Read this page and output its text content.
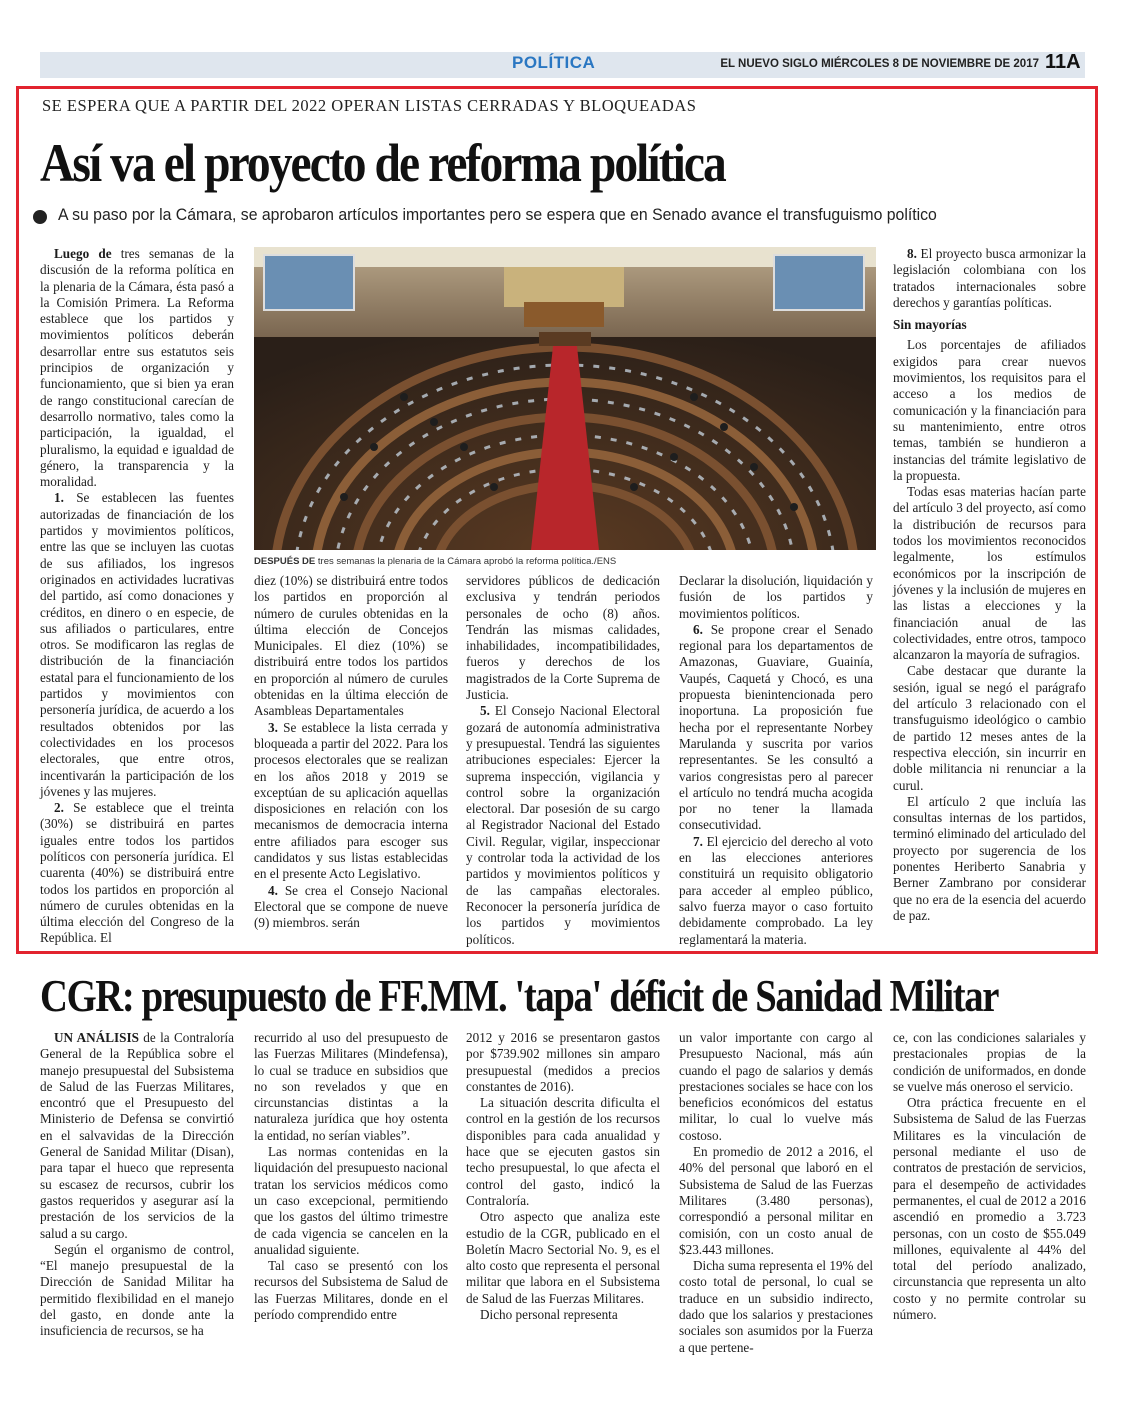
POLÍTICA	EL NUEVO SIGLO MIÉRCOLES 8 DE NOVIEMBRE DE 2017 11A
SE ESPERA QUE A PARTIR DEL 2022 OPERAN LISTAS CERRADAS Y BLOQUEADAS
Así va el proyecto de reforma política
A su paso por la Cámara, se aprobaron artículos importantes pero se espera que en Senado avance el transfuguismo político

Luego de tres semanas de la discusión de la reforma política en la plenaria de la Cámara, ésta pasó a la Comisión Primera. La Reforma establece que los partidos y movimientos políticos deberán desarrollar entre sus estatutos seis principios de organización y funcionamiento, que si bien ya eran de rango constitucional carecían de desarrollo normativo, tales como la participación, la igualdad, el pluralismo, la equidad e igualdad de género, la transparencia y la moralidad.

1. Se establecen las fuentes autorizadas de financiación de los partidos y movimientos políticos, entre las que se incluyen las cuotas de sus afiliados, los ingresos originados en actividades lucrativas del partido, así como donaciones y créditos, en dinero o en especie, de sus afiliados o particulares, entre otros. Se modificaron las reglas de distribución de la financiación estatal para el funcionamiento de los partidos y movimientos con personería jurídica, de acuerdo a los resultados obtenidos por las colectividades en los procesos electorales, que entre otros, incentivarán la participación de los jóvenes y las mujeres.

2. Se establece que el treinta (30%) se distribuirá en partes iguales entre todos los partidos políticos con personería jurídica. El cuarenta (40%) se distribuirá entre todos los partidos en proporción al número de curules obtenidas en la última elección del Congreso de la República. El

DESPUÉS DE tres semanas la plenaria de la Cámara aprobó la reforma política./ENS

diez (10%) se distribuirá entre todos los partidos en proporción al número de curules obtenidas en la última elección de Concejos Municipales. El diez (10%) se distribuirá entre todos los partidos en proporción al número de curules obtenidas en la última elección de Asambleas Departamentales

3. Se establece la lista cerrada y bloqueada a partir del 2022. Para los procesos electorales que se realizan en los años 2018 y 2019 se exceptúan de su aplicación aquellas disposiciones en relación con los mecanismos de democracia interna entre afiliados para escoger sus candidatos y sus listas establecidas en el presente Acto Legislativo.

4. Se crea el Consejo Nacional Electoral que se compone de nueve (9) miembros. serán

servidores públicos de dedicación exclusiva y tendrán periodos personales de ocho (8) años. Tendrán las mismas calidades, inhabilidades, incompatibilidades, fueros y derechos de los magistrados de la Corte Suprema de Justicia.

5. El Consejo Nacional Electoral gozará de autonomía administrativa y presupuestal. Tendrá las siguientes atribuciones especiales: Ejercer la suprema inspección, vigilancia y control sobre la organización electoral. Dar posesión de su cargo al Registrador Nacional del Estado Civil. Regular, vigilar, inspeccionar y controlar toda la actividad de los partidos y movimientos políticos y de las campañas electorales. Reconocer la personería jurídica de los partidos y movimientos políticos.

Declarar la disolución, liquidación y fusión de los partidos y movimientos políticos.

6. Se propone crear el Senado regional para los departamentos de Amazonas, Guaviare, Guainía, Vaupés, Caquetá y Chocó, es una propuesta bienintencionada pero inoportuna. La proposición fue hecha por el representante Norbey Marulanda y suscrita por varios representantes. Se les consultó a varios congresistas pero al parecer el artículo no tendrá mucha acogida por no tener la llamada consecutividad.

7. El ejercicio del derecho al voto en las elecciones anteriores constituirá un requisito obligatorio para acceder al empleo público, salvo fuerza mayor o caso fortuito debidamente comprobado. La ley reglamentará la materia.

8. El proyecto busca armonizar la legislación colombiana con los tratados internacionales sobre derechos y garantías políticas.

Sin mayorías

Los porcentajes de afiliados exigidos para crear nuevos movimientos, los requisitos para el acceso a los medios de comunicación y la financiación para su mantenimiento, entre otros temas, también se hundieron a instancias del trámite legislativo de la propuesta.

Todas esas materias hacían parte del artículo 3 del proyecto, así como la distribución de recursos para todos los movimientos reconocidos legalmente, los estímulos económicos por la inscripción de jóvenes y la inclusión de mujeres en las listas a elecciones y la financiación anual de las colectividades, entre otros, tampoco alcanzaron la mayoría de sufragios.

Cabe destacar que durante la sesión, igual se negó el parágrafo del artículo 3 relacionado con el transfuguismo ideológico o cambio de partido 12 meses antes de la respectiva elección, sin incurrir en doble militancia ni renunciar a la curul.

El artículo 2 que incluía las consultas internas de los partidos, terminó eliminado del articulado del proyecto por sugerencia de los ponentes Heriberto Sanabria y Berner Zambrano por considerar que no era de la esencia del acuerdo de paz.

CGR: presupuesto de FF.MM. 'tapa' déficit de Sanidad Militar

UN ANÁLISIS de la Contraloría General de la República sobre el manejo presupuestal del Subsistema de Salud de las Fuerzas Militares, encontró que el Presupuesto del Ministerio de Defensa se convirtió en el salvavidas de la Dirección General de Sanidad Militar (Disan), para tapar el hueco que representa su escasez de recursos, cubrir los gastos requeridos y asegurar así la prestación de los servicios de la salud a su cargo.

Según el organismo de control, “El manejo presupuestal de la Dirección de Sanidad Militar ha permitido flexibilidad en el manejo del gasto, en donde ante la insuficiencia de recursos, se ha

recurrido al uso del presupuesto de las Fuerzas Militares (Mindefensa), lo cual se traduce en subsidios que no son revelados y que en circunstancias distintas a la naturaleza jurídica que hoy ostenta la entidad, no serían viables”.

Las normas contenidas en la liquidación del presupuesto nacional tratan los servicios médicos como un caso excepcional, permitiendo que los gastos del último trimestre de cada vigencia se cancelen en la anualidad siguiente.

Tal caso se presentó con los recursos del Subsistema de Salud de las Fuerzas Militares, donde en el período comprendido entre

2012 y 2016 se presentaron gastos por $739.902 millones sin amparo presupuestal (medidos a precios constantes de 2016).

La situación descrita dificulta el control en la gestión de los recursos disponibles para cada anualidad y hace que se ejecuten gastos sin techo presupuestal, lo que afecta el control del gasto, indicó la Contraloría.

Otro aspecto que analiza este estudio de la CGR, publicado en el Boletín Macro Sectorial No. 9, es el alto costo que representa el personal militar que labora en el Subsistema de Salud de las Fuerzas Militares.

Dicho personal representa

un valor importante con cargo al Presupuesto Nacional, más aún cuando el pago de salarios y demás prestaciones sociales se hace con los beneficios económicos del estatus militar, lo cual lo vuelve más costoso.

En promedio de 2012 a 2016, el 40% del personal que laboró en el Subsistema de Salud de las Fuerzas Militares (3.480 personas), correspondió a personal militar en comisión, con un costo anual de $23.443 millones.

Dicha suma representa el 19% del costo total de personal, lo cual se traduce en un subsidio indirecto, dado que los salarios y prestaciones sociales son asumidos por la Fuerza a que pertene-

ce, con las condiciones salariales y prestacionales propias de la condición de uniformados, en donde se vuelve más oneroso el servicio.

Otra práctica frecuente en el Subsistema de Salud de las Fuerzas Militares es la vinculación de personal mediante el uso de contratos de prestación de servicios, para el desempeño de actividades permanentes, el cual de 2012 a 2016 ascendió en promedio a 3.723 personas, con un costo de $55.049 millones, equivalente al 44% del total del período analizado, circunstancia que representa un alto costo y no permite controlar su número.
